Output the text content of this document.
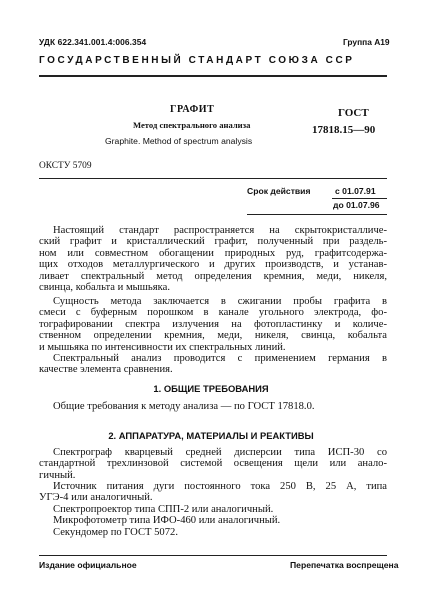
УДК 622.341.001.4:006.354	Группа А19
ГОСУДАРСТВЕННЫЙ СТАНДАРТ СОЮЗА ССР
ГРАФИТ
Метод спектрального анализа
Graphite. Method of spectrum analysis
ГОСТ
17818.15—90
ОКСТУ 5709
Срок действия	с 01.07.91
до 01.07.96
Настоящий стандарт распространяется на скрытокристалличе-
ский графит и кристаллический графит, полученный при раздель-
ном или совместном обогащении природных руд, графитсодержа-
щих отходов металлургического и других производств, и устанав-
ливает спектральный метод определения кремния, меди, никеля,
свинца, кобальта и мышьяка.
Сущность метода заключается в сжигании пробы графита в
смеси с буферным порошком в канале угольного электрода, фо-
тографировании спектра излучения на фотопластинку и количе-
ственном определении кремния, меди, никеля, свинца, кобальта
и мышьяка по интенсивности их спектральных линий.
Спектральный анализ проводится с применением германия в
качестве элемента сравнения.
1. ОБЩИЕ ТРЕБОВАНИЯ
Общие требования к методу анализа — по ГОСТ 17818.0.
2. АППАРАТУРА, МАТЕРИАЛЫ И РЕАКТИВЫ
Спектрограф кварцевый средней дисперсии типа ИСП-30 со
стандартной трехлинзовой системой освещения щели или анало-
гичный.
Источник питания дуги постоянного тока 250 В, 25 А, типа
УГЭ-4 или аналогичный.
Спектропроектор типа СПП-2 или аналогичный.
Микрофотометр типа ИФО-460 или аналогичный.
Секундомер по ГОСТ 5072.
Издание официальное	Перепечатка воспрещена
